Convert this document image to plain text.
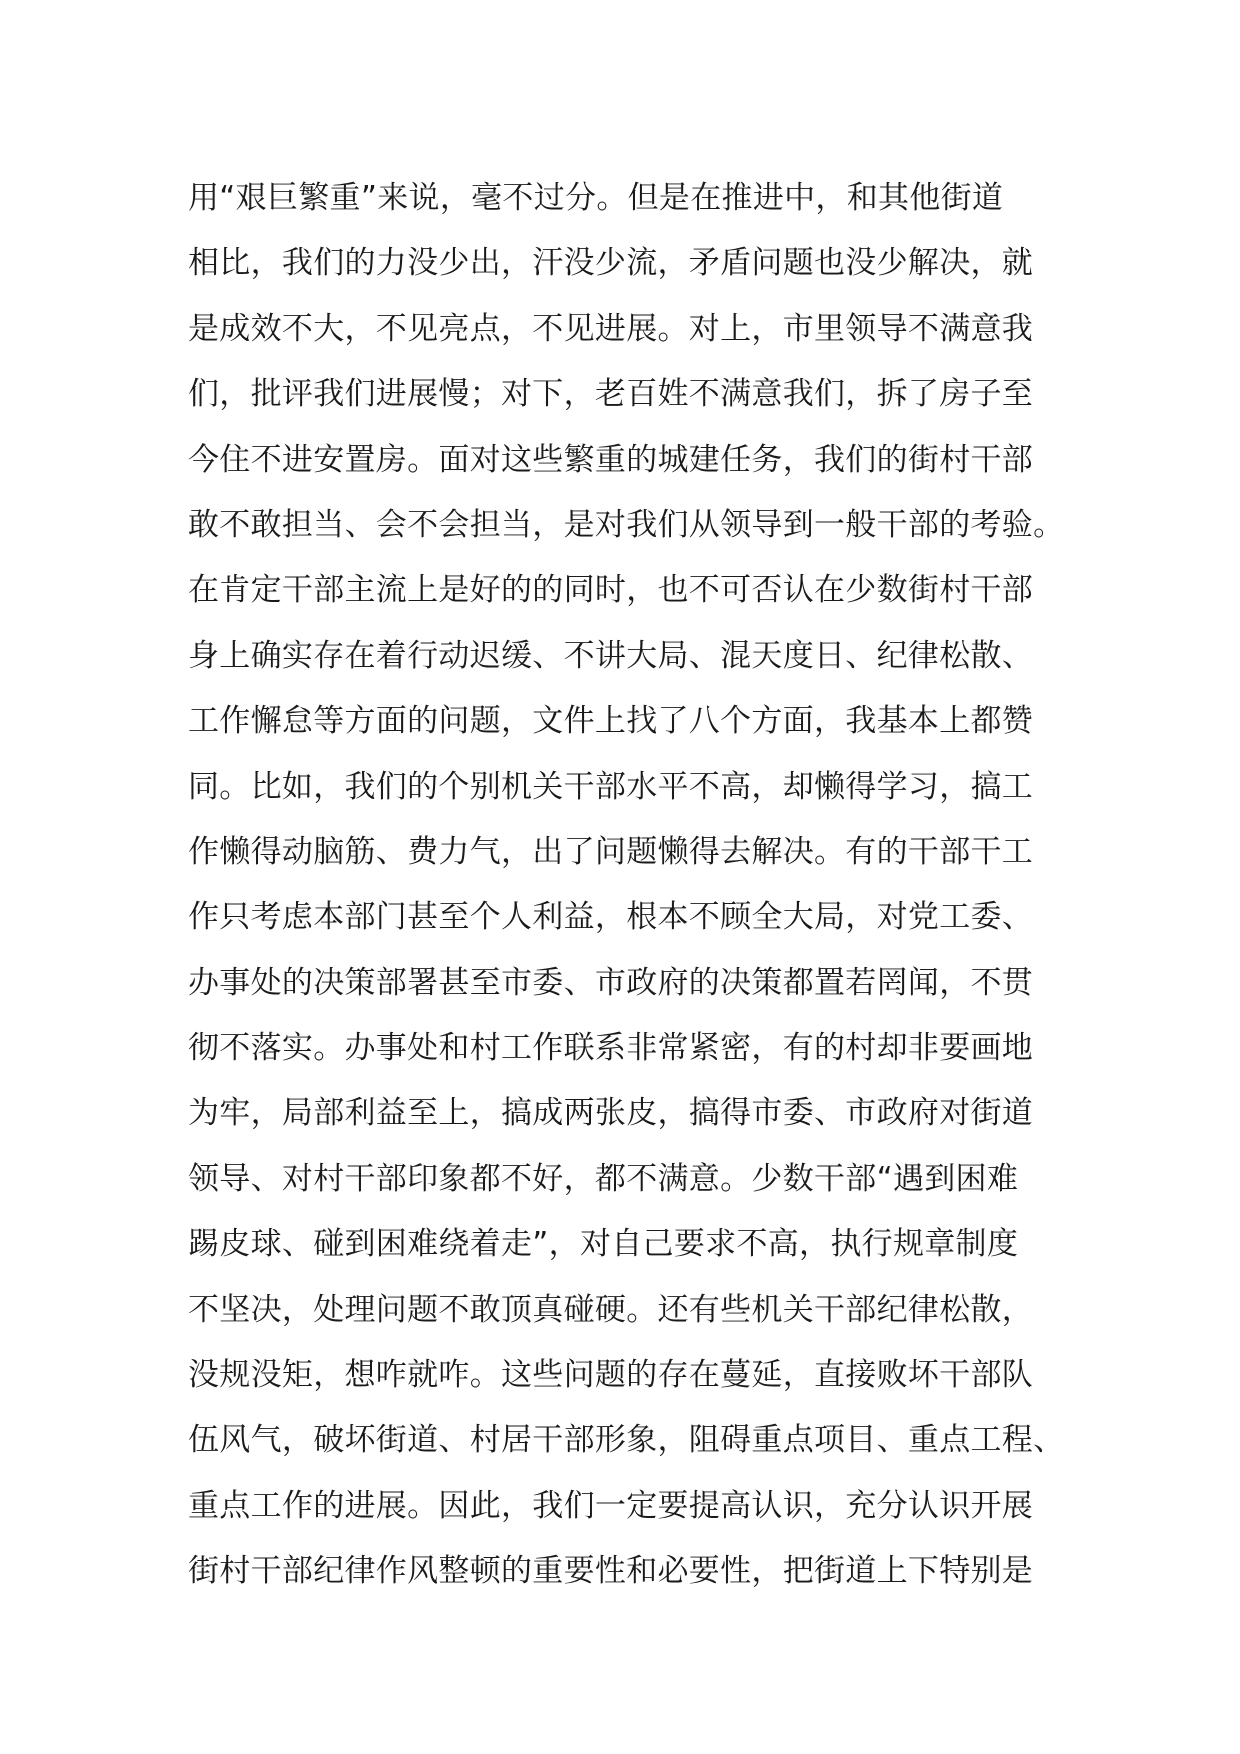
用“艰巨繁重”来说，毫不过分。但是在推进中，和其他街道
相比，我们的力没少出，汗没少流，矛盾问题也没少解决，就
是成效不大，不见亮点，不见进展。对上，市里领导不满意我
们，批评我们进展慢；对下，老百姓不满意我们，拆了房子至
今住不进安置房。面对这些繁重的城建任务，我们的街村干部
敢不敢担当、会不会担当，是对我们从领导到一般干部的考验。
在肯定干部主流上是好的的同时，也不可否认在少数街村干部
身上确实存在着行动迟缓、不讲大局、混天度日、纪律松散、
工作懈怠等方面的问题，文件上找了八个方面，我基本上都赞
同。比如，我们的个别机关干部水平不高，却懒得学习，搞工
作懒得动脑筋、费力气，出了问题懒得去解决。有的干部干工
作只考虑本部门甚至个人利益，根本不顾全大局，对党工委、
办事处的决策部署甚至市委、市政府的决策都置若罔闻，不贯
彻不落实。办事处和村工作联系非常紧密，有的村却非要画地
为牢，局部利益至上，搞成两张皮，搞得市委、市政府对街道
领导、对村干部印象都不好，都不满意。少数干部“遇到困难
踢皮球、碰到困难绕着走”，对自己要求不高，执行规章制度
不坚决，处理问题不敢顶真碰硬。还有些机关干部纪律松散，
没规没矩，想咋就咋。这些问题的存在蔓延，直接败坏干部队
伍风气，破坏街道、村居干部形象，阻碍重点项目、重点工程、
重点工作的进展。因此，我们一定要提高认识，充分认识开展
街村干部纪律作风整顿的重要性和必要性，把街道上下特别是
